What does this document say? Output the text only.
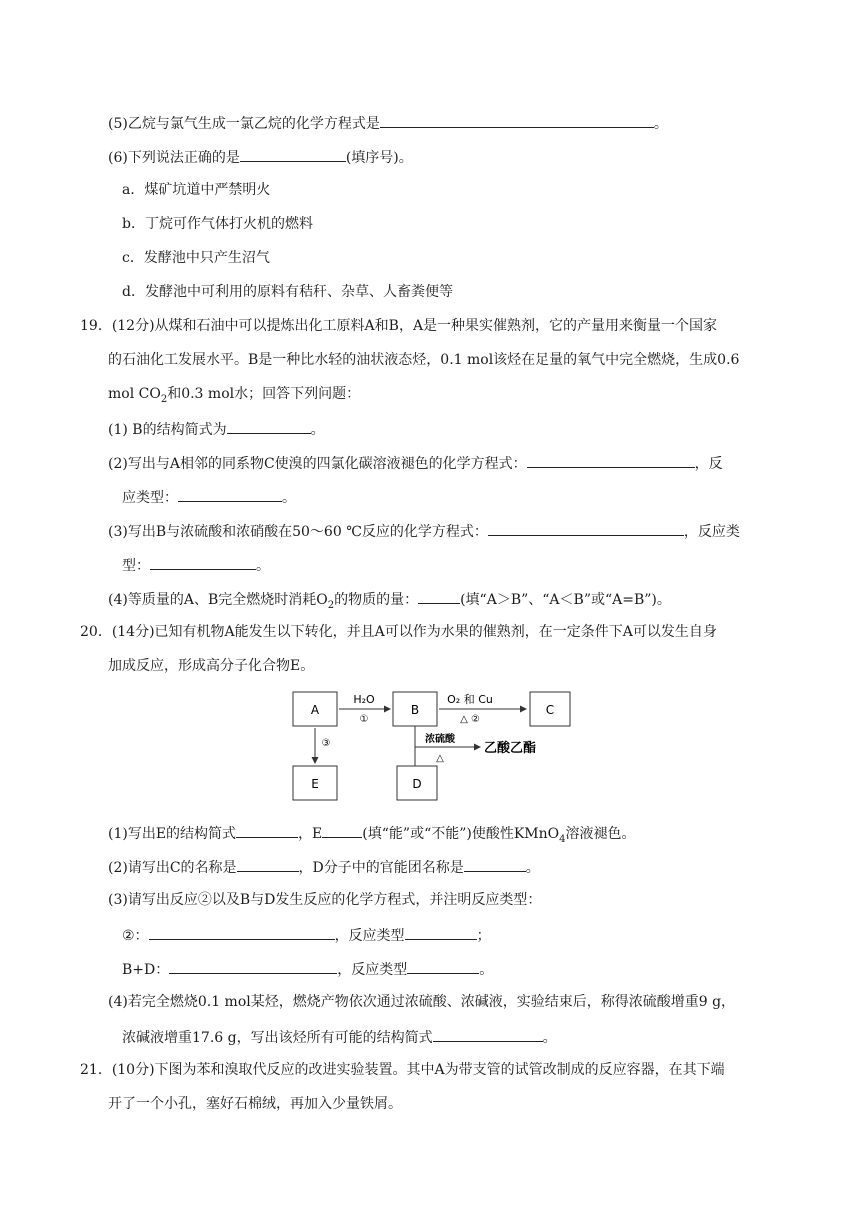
(5)乙烷与氯气生成一氯乙烷的化学方程式是	。
(6)下列说法正确的是	(填序号)。
a．煤矿坑道中严禁明火
b．丁烷可作气体打火机的燃料
c．发酵池中只产生沼气
d．发酵池中可利用的原料有秸秆、杂草、人畜粪便等
19．(12分)从煤和石油中可以提炼出化工原料A和B，A是一种果实催熟剂，它的产量用来衡量一个国家
的石油化工发展水平。B是一种比水轻的油状液态烃，0.1 mol该烃在足量的氧气中完全燃烧，生成0.6
mol $CO_2$和0.3 mol水；回答下列问题：
(1) B的结构简式为	。
(2)写出与A相邻的同系物C使溴的四氯化碳溶液褪色的化学方程式：	，反
应类型：	。
(3)写出B与浓硫酸和浓硝酸在50～60 ℃反应的化学方程式：	，反应类
型：	。
(4)等质量的A、B完全燃烧时消耗$O_2$的物质的量：	(填“A＞B”、“A＜B”或“A=B”)。
20．(14分)已知有机物A能发生以下转化，并且A可以作为水果的催熟剂，在一定条件下A可以发生自身
加成反应，形成高分子化合物E。
A	B	C
E	D
H₂O
①
O₂ 和 Cu
△ ②
③	浓硫酸
△
乙酸乙酯
(1)写出E的结构简式	，E	(填“能”或“不能”)使酸性KMnO$_4$溶液褪色。
(2)请写出C的名称是	，D分子中的官能团名称是	。
(3)请写出反应②以及B与D发生反应的化学方程式，并注明反应类型：
②：	，反应类型	；
B+D：	，反应类型	。
(4)若完全燃烧0.1 mol某烃，燃烧产物依次通过浓硫酸、浓碱液，实验结束后，称得浓硫酸增重9 g，
浓碱液增重17.6 g，写出该烃所有可能的结构简式	。
21．(10分)下图为苯和溴取代反应的改进实验装置。其中A为带支管的试管改制成的反应容器，在其下端
开了一个小孔，塞好石棉绒，再加入少量铁屑。
